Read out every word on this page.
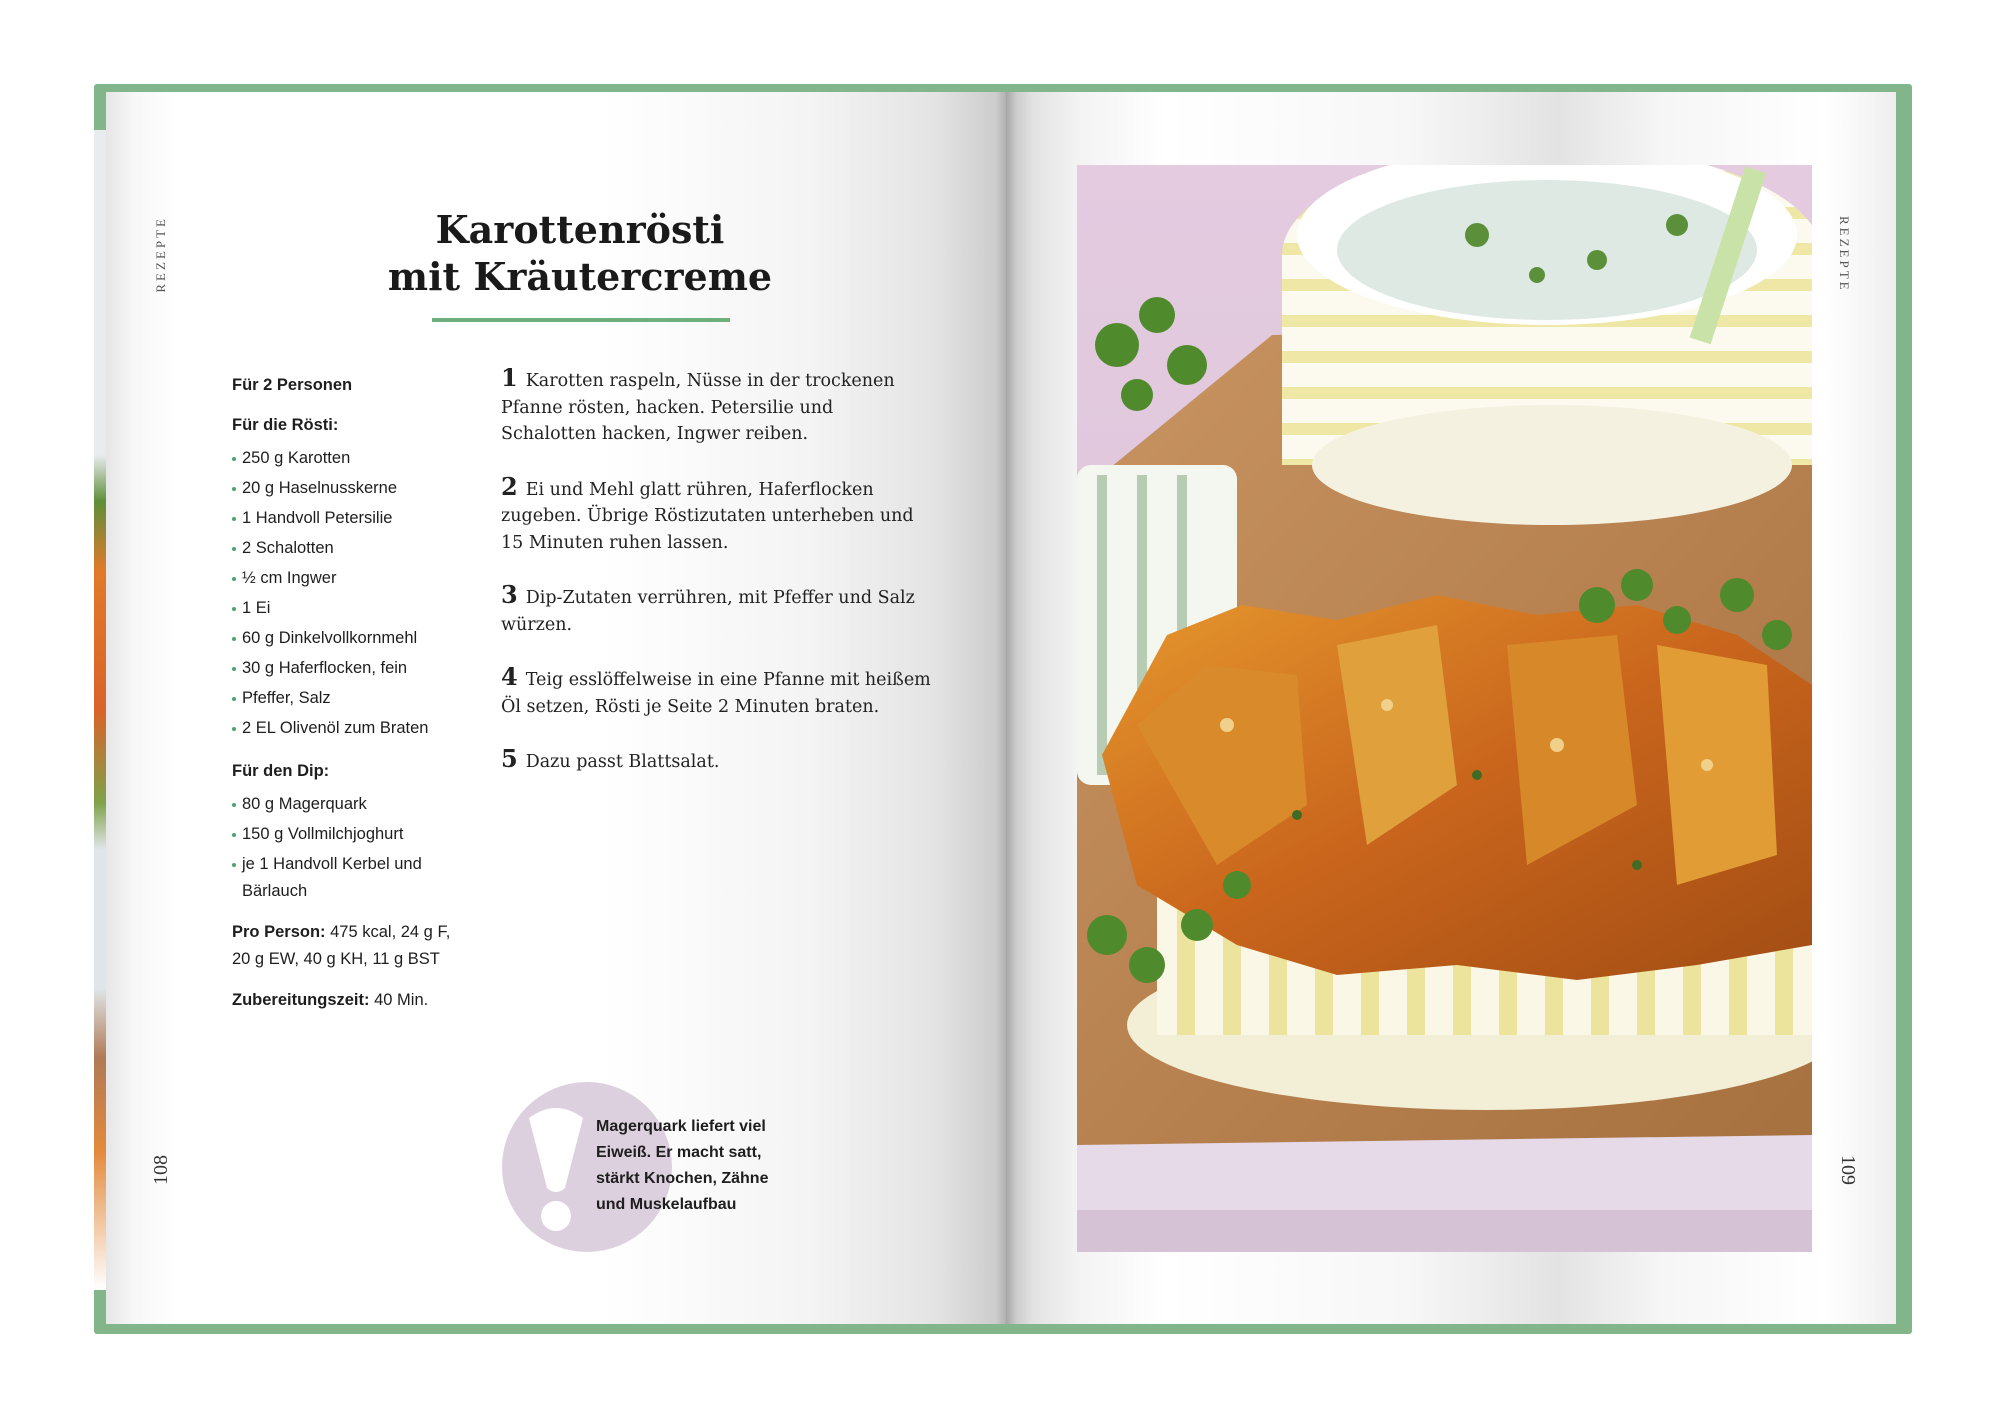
REZEPTE
108
Karottenrösti
mit Kräutercreme
Für 2 Personen
Für die Rösti:
250 g Karotten
20 g Haselnusskerne
1 Handvoll Petersilie
2 Schalotten
½ cm Ingwer
1 Ei
60 g Dinkelvollkornmehl
30 g Haferflocken, fein
Pfeffer, Salz
2 EL Olivenöl zum Braten
Für den Dip:
80 g Magerquark
150 g Vollmilchjoghurt
je 1 Handvoll Kerbel und Bärlauch
Pro Person: 475 kcal, 24 g F, 20 g EW, 40 g KH, 11 g BST
Zubereitungszeit: 40 Min.
1 Karotten raspeln, Nüsse in der trockenen Pfanne rösten, hacken. Petersilie und Schalotten hacken, Ingwer reiben.
2 Ei und Mehl glatt rühren, Haferflocken zugeben. Übrige Röstizutaten unterheben und 15 Minuten ruhen lassen.
3 Dip-Zutaten verrühren, mit Pfeffer und Salz würzen.
4 Teig esslöffelweise in eine Pfanne mit heißem Öl setzen, Rösti je Seite 2 Minuten braten.
5 Dazu passt Blattsalat.
Magerquark liefert viel Eiweiß. Er macht satt, stärkt Knochen, Zähne und Muskelaufbau
REZEPTE
109
